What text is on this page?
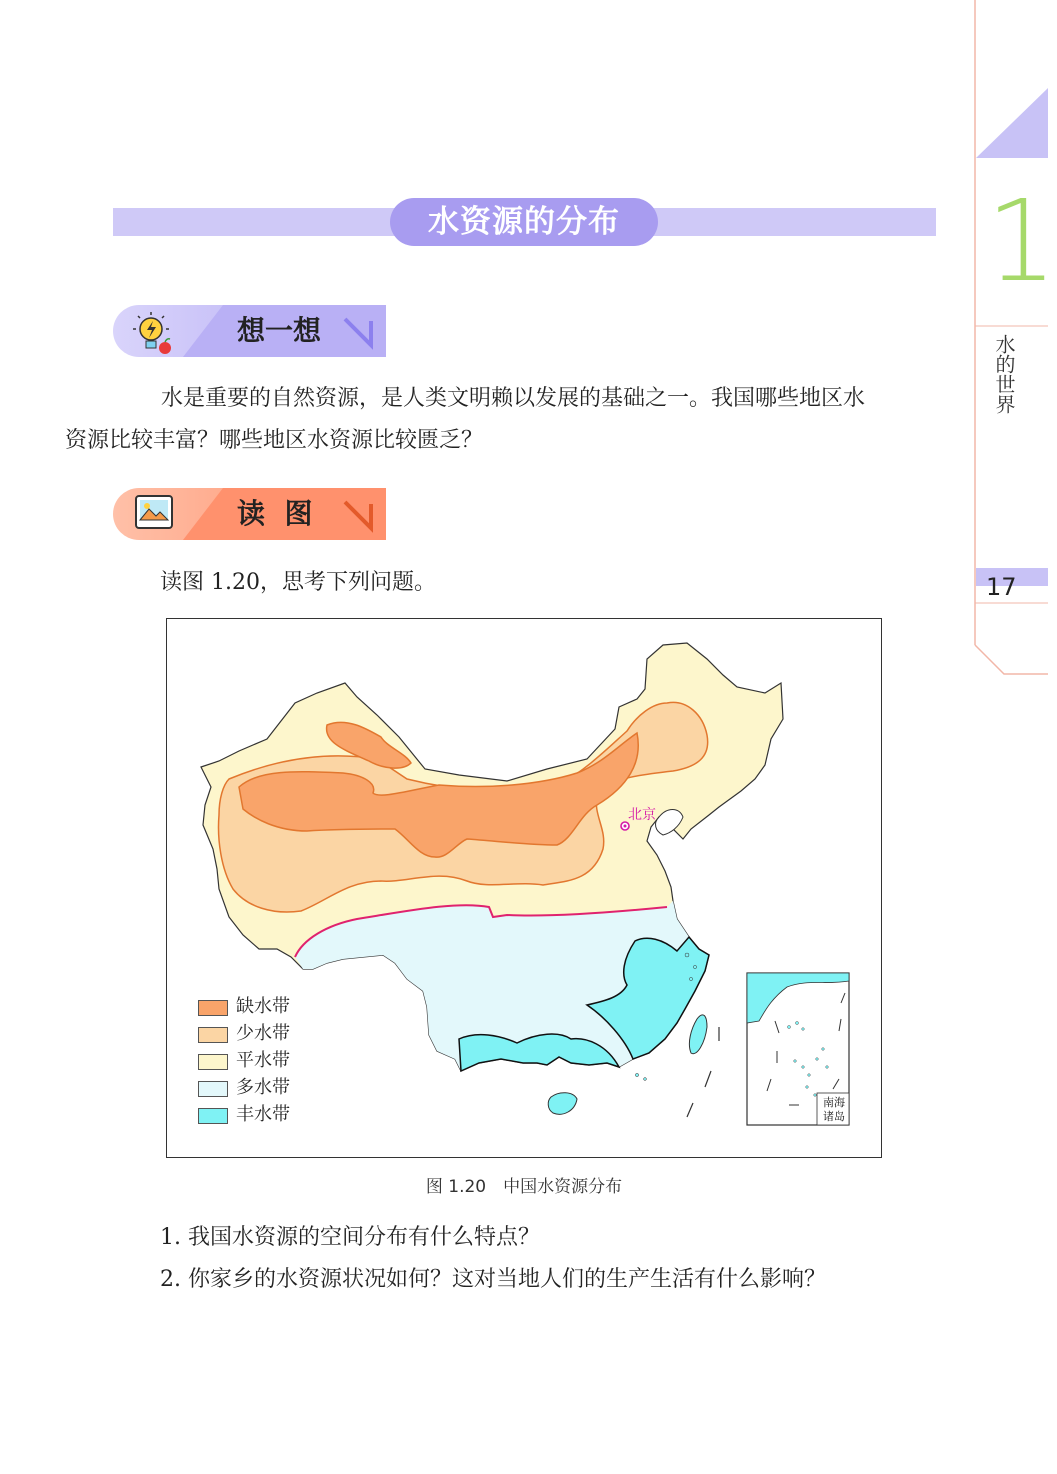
1
水的世界
17
水资源的分布
想一想
水是重要的自然资源，是人类文明赖以发展的基础之一。我国哪些地区水
资源比较丰富？哪些地区水资源比较匮乏？
读  图
读图 1.20，思考下列问题。
北京
南海
诸岛
缺水带
少水带
平水带
多水带
丰水带
图 1.20　中国水资源分布
1. 我国水资源的空间分布有什么特点？
2. 你家乡的水资源状况如何？这对当地人们的生产生活有什么影响？
